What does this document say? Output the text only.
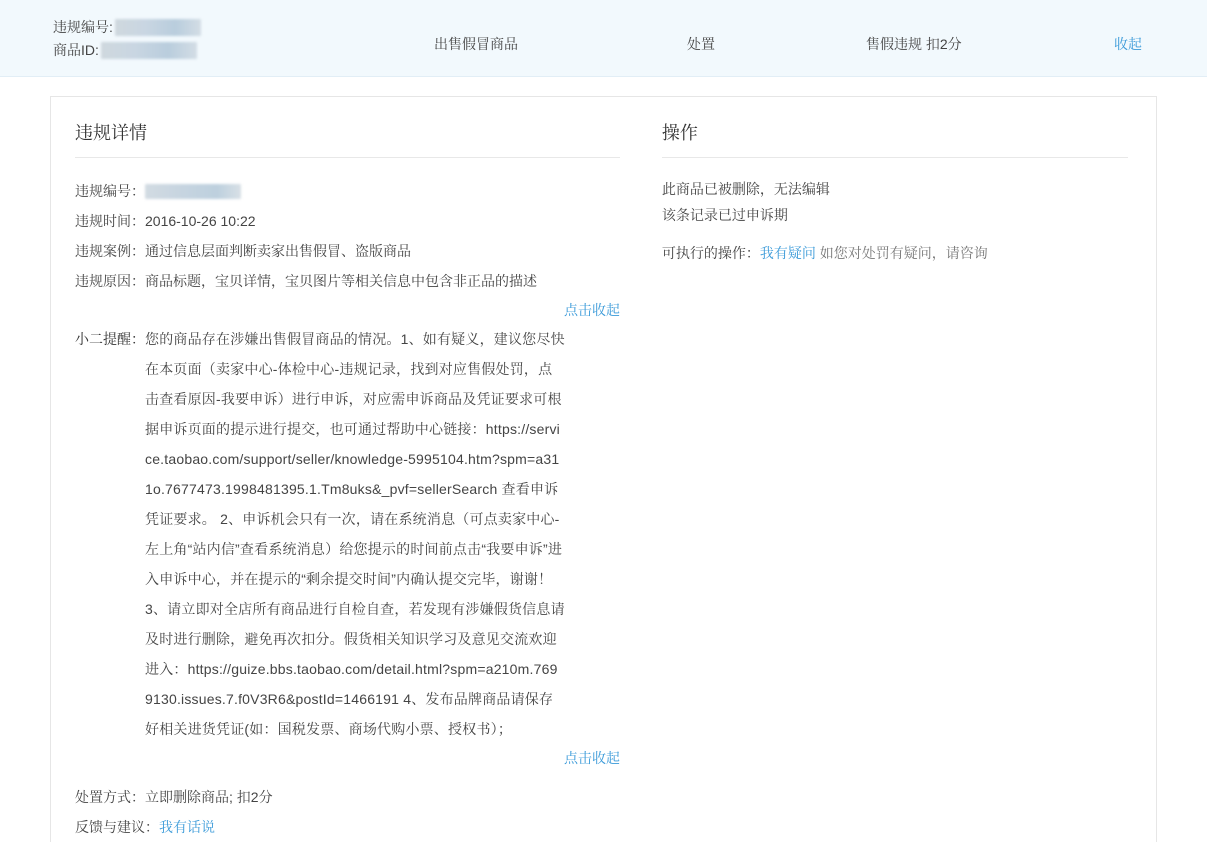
违规编号:
商品ID:	出售假冒商品	处置	售假违规 扣2分	收起
违规详情
违规编号：
违规时间： 2016-10-26 10:22
违规案例： 通过信息层面判断卖家出售假冒、盗版商品
违规原因： 商品标题，宝贝详情，宝贝图片等相关信息中包含非正品的描述
点击收起
小二提醒： 您的商品存在涉嫌出售假冒商品的情况。1、如有疑义，建议您尽快在本页面（卖家中心-体检中心-违规记录，找到对应售假处罚，点击查看原因-我要申诉）进行申诉，对应需申诉商品及凭证要求可根据申诉页面的提示进行提交，也可通过帮助中心链接：https://service.taobao.com/support/seller/knowledge-5995104.htm?spm=a311o.7677473.1998481395.1.Tm8uks&_pvf=sellerSearch 查看申诉凭证要求。 2、申诉机会只有一次，请在系统消息（可点卖家中心-左上角“站内信”查看系统消息）给您提示的时间前点击“我要申诉”进入申诉中心，并在提示的“剩余提交时间”内确认提交完毕，谢谢！ 3、请立即对全店所有商品进行自检自查，若发现有涉嫌假货信息请及时进行删除，避免再次扣分。假货相关知识学习及意见交流欢迎进入：https://guize.bbs.taobao.com/detail.html?spm=a210m.7699130.issues.7.f0V3R6&postId=1466191 4、发布品牌商品请保存好相关进货凭证(如：国税发票、商场代购小票、授权书）；
点击收起
处置方式： 立即删除商品; 扣2分
反馈与建议： 我有话说
操作
此商品已被删除，无法编辑
该条记录已过申诉期
可执行的操作：我有疑问 如您对处罚有疑问，请咨询
